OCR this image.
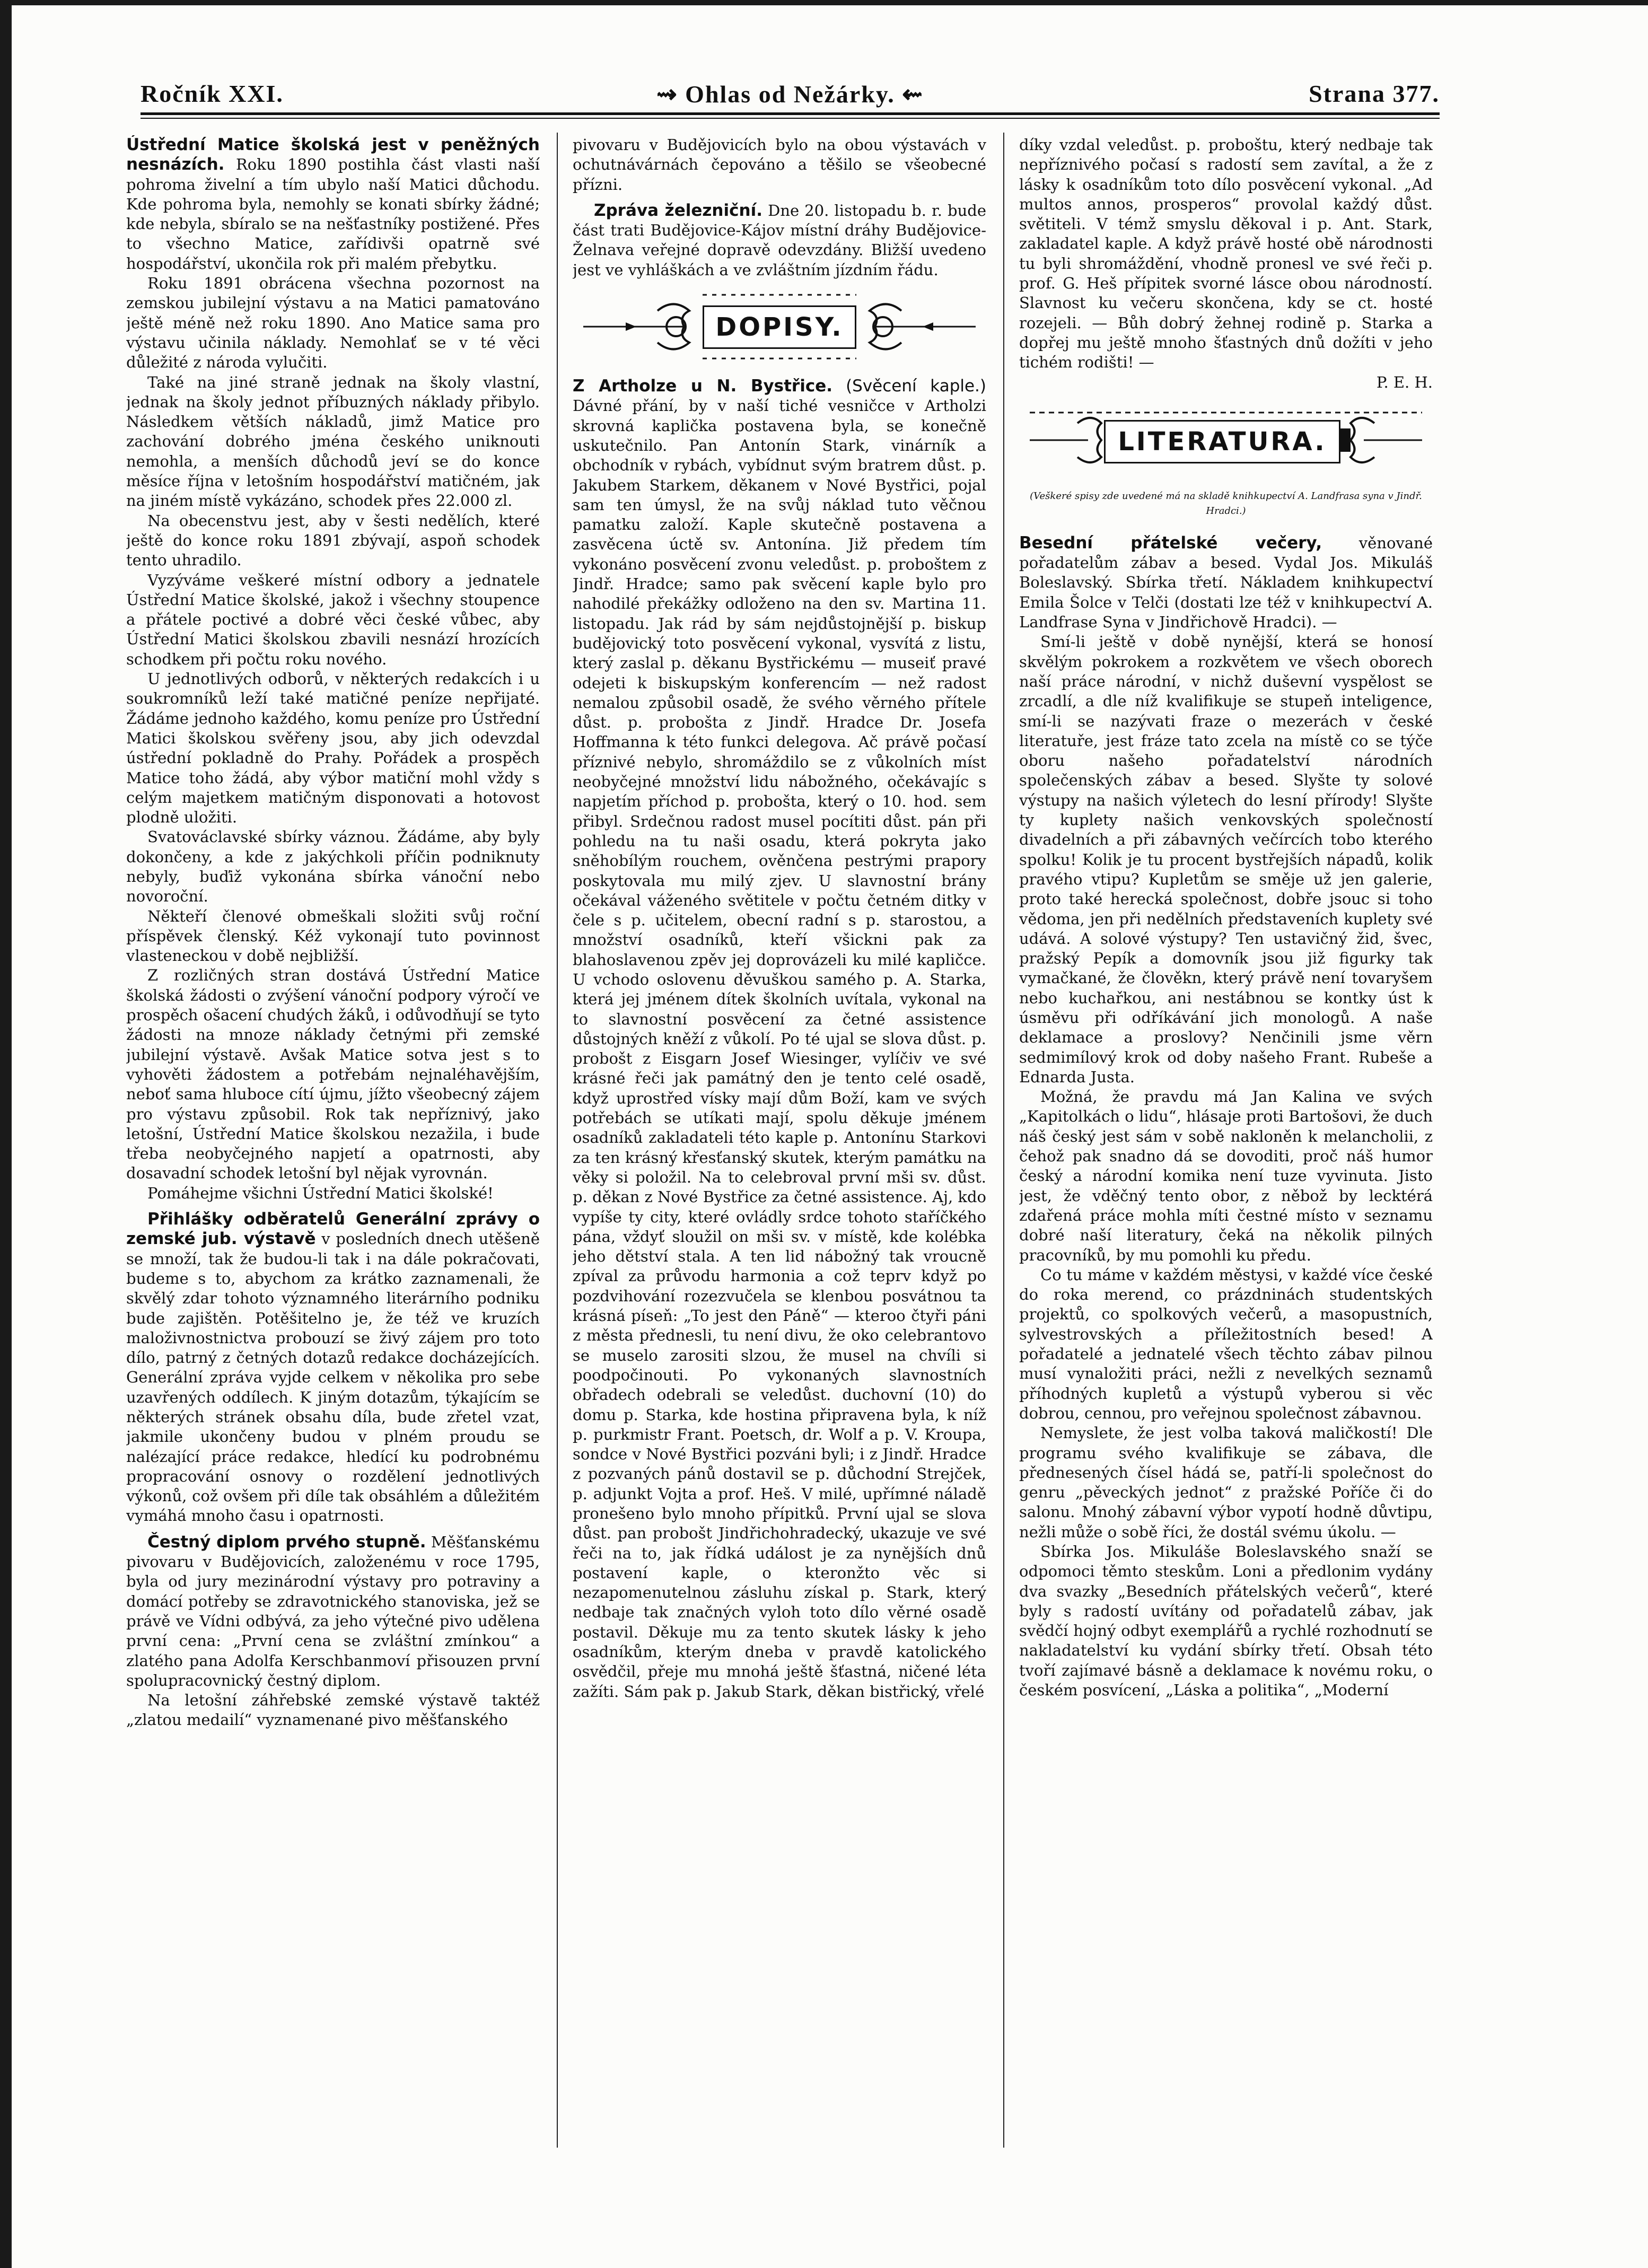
⇝ Ohlas od Nežárky. ⇜
Ročník XXI.	Strana 377.

Ústřední Matice školská jest v peněžných nesnázích. Roku 1890 postihla část vlasti naší pohroma živelní a tím ubylo naší Matici důchodu. Kde pohroma byla, nemohly se konati sbírky žádné; kde nebyla, sbíralo se na nešťastníky postižené. Přes to všechno Matice, zařídivši opatrně své hospodářství, ukončila rok při malém přebytku.

Roku 1891 obrácena všechna pozornost na zemskou jubilejní výstavu a na Matici pamatováno ještě méně než roku 1890. Ano Matice sama pro výstavu učinila náklady. Nemohlať se v té věci důležité z národa vylučiti.

Také na jiné straně jednak na školy vlastní, jednak na školy jednot příbuzných náklady přibylo. Následkem větších nákladů, jimž Matice pro zachování dobrého jména českého uniknouti nemohla, a menších důchodů jeví se do konce měsíce října v letošním hospodářství matičném, jak na jiném místě vykázáno, schodek přes 22.000 zl.

Na obecenstvu jest, aby v šesti nedělích, které ještě do konce roku 1891 zbývají, aspoň schodek tento uhradilo.

Vyzýváme veškeré místní odbory a jednatele Ústřední Matice školské, jakož i všechny stoupence a přátele poctivé a dobré věci české vůbec, aby Ústřední Matici školskou zbavili nesnází hrozících schodkem při počtu roku nového.

U jednotlivých odborů, v některých redakcích i u soukromníků leží také matičné peníze nepřijaté. Žádáme jednoho každého, komu peníze pro Ústřední Matici školskou svěřeny jsou, aby jich odevzdal ústřední pokladně do Prahy. Pořádek a prospěch Matice toho žádá, aby výbor matiční mohl vždy s celým majetkem matičným disponovati a hotovost plodně uložiti.

Svatováclavské sbírky váznou. Žádáme, aby byly dokončeny, a kde z jakýchkoli příčin podniknuty nebyly, buďiž vykonána sbírka vánoční nebo novoroční.

Někteří členové obmeškali složiti svůj roční příspěvek členský. Kéž vykonají tuto povinnost vlasteneckou v době nejbližší.

Z rozličných stran dostává Ústřední Matice školská žádosti o zvýšení vánoční podpory výročí ve prospěch ošacení chudých žáků, i odůvodňují se tyto žádosti na mnoze náklady četnými při zemské jubilejní výstavě. Avšak Matice sotva jest s to vyhověti žádostem a potřebám nejnaléhavějším, neboť sama hluboce cítí újmu, jížto všeobecný zájem pro výstavu způsobil. Rok tak nepříznivý, jako letošní, Ústřední Matice školskou nezažila, i bude třeba neobyčejného napjetí a opatrnosti, aby dosavadní schodek letošní byl nějak vyrovnán.

Pomáhejme všichni Ústřední Matici školské!

Přihlášky odběratelů Generální zprávy o zemské jub. výstavě v posledních dnech utěšeně se množí, tak že budou-li tak i na dále pokračovati, budeme s to, abychom za krátko zaznamenali, že skvělý zdar tohoto významného literárního podniku bude zajištěn. Potěšitelno je, že též ve kruzích maloživnostnictva probouzí se živý zájem pro toto dílo, patrný z četných dotazů redakce docházejících. Generální zpráva vyjde celkem v několika pro sebe uzavřených oddílech. K jiným dotazům, týkajícím se některých stránek obsahu díla, bude zřetel vzat, jakmile ukončeny budou v plném proudu se nalézající práce redakce, hledící ku podrobnému propracování osnovy o rozdělení jednotlivých výkonů, což ovšem při díle tak obsáhlém a důležitém vymáhá mnoho času i opatrnosti.

Čestný diplom prvého stupně. Měšťanskému pivovaru v Budějovicích, založenému v roce 1795, byla od jury mezinárodní výstavy pro potraviny a domácí potřeby se zdravotnického stanoviska, jež se právě ve Vídni odbývá, za jeho výtečné pivo udělena první cena: „První cena se zvláštní zmínkou“ a zlatého pana Adolfa Kerschbanmoví přisouzen první spolupracovnický čestný diplom.

Na letošní záhřebské zemské výstavě taktéž „zlatou medailí“ vyznamenané pivo měšťanského

pivovaru v Budějovicích bylo na obou výstavách v ochutnávárnách čepováno a těšilo se všeobecné přízni.

Zpráva železniční. Dne 20. listopadu b. r. bude část trati Budějovice-Kájov místní dráhy Budějovice-Želnava veřejné dopravě odevzdány. Bližší uvedeno jest ve vyhláškách a ve zvláštním jízdním řádu.

DOPISY.

Z Artholze u N. Bystřice. (Svěcení kaple.) Dávné přání, by v naší tiché vesničce v Artholzi skrovná kaplička postavena byla, se konečně uskutečnilo. Pan Antonín Stark, vinárník a obchodník v rybách, vybídnut svým bratrem důst. p. Jakubem Starkem, děkanem v Nové Bystřici, pojal sam ten úmysl, že na svůj náklad tuto věčnou pamatku založí. Kaple skutečně postavena a zasvěcena úctě sv. Antonína. Již předem tím vykonáno posvěcení zvonu veledůst. p. proboštem z Jindř. Hradce; samo pak svěcení kaple bylo pro nahodilé překážky odloženo na den sv. Martina 11. listopadu. Jak rád by sám nejdůstojnější p. biskup budějovický toto posvěcení vykonal, vysvítá z listu, který zaslal p. děkanu Bystřickému — museiť pravé odejeti k biskupským konferencím — než radost nemalou způsobil osadě, že svého věrného přítele důst. p. probošta z Jindř. Hradce Dr. Josefa Hoffmanna k této funkci delegova. Ač právě počasí příznivé nebylo, shromáždilo se z vůkolních míst neobyčejné množství lidu nábožného, očekávajíc s napjetím příchod p. probošta, který o 10. hod. sem přibyl. Srdečnou radost musel pocítiti důst. pán při pohledu na tu naši osadu, která pokryta jako sněhobílým rouchem, ověnčena pestrými prapory poskytovala mu milý zjev. U slavnostní brány očekával váženého světitele v počtu četném ditky v čele s p. učitelem, obecní radní s p. starostou, a množství osadníků, kteří všickni pak za blahoslavenou zpěv jej doprovázeli ku milé kapličce. U vchodo oslovenu děvuškou samého p. A. Starka, která jej jménem dítek školních uvítala, vykonal na to slavnostní posvěcení za četné assistence důstojných kněží z vůkolí. Po té ujal se slova důst. p. probošt z Eisgarn Josef Wiesinger, vylíčiv ve své krásné řeči jak památný den je tento celé osadě, když uprostřed vísky mají dům Boží, kam ve svých potřebách se utíkati mají, spolu děkuje jménem osadníků zakladateli této kaple p. Antonínu Starkovi za ten krásný křesťanský skutek, kterým památku na věky si položil. Na to celebroval první mši sv. důst. p. děkan z Nové Bystřice za četné assistence. Aj, kdo vypíše ty city, které ovládly srdce tohoto staříčkého pána, vždyť sloužil on mši sv. v místě, kde kolébka jeho dětství stala. A ten lid nábožný tak vroucně zpíval za průvodu harmonia a což teprv když po pozdvihování rozezvučela se klenbou posvátnou ta krásná píseň: „To jest den Páně“ — kteroo čtyři páni z města přednesli, tu není divu, že oko celebrantovo se muselo zarositi slzou, že musel na chvíli si poodpočinouti. Po vykonaných slavnostních obřadech odebrali se veledůst. duchovní (10) do domu p. Starka, kde hostina připravena byla, k níž p. purkmistr Frant. Poetsch, dr. Wolf a p. V. Kroupa, sondce v Nové Bystřici pozváni byli; i z Jindř. Hradce z pozvaných pánů dostavil se p. důchodní Strejček, p. adjunkt Vojta a prof. Heš. V milé, upřímné náladě pronešeno bylo mnoho přípitků. První ujal se slova důst. pan probošt Jindřichohradecký, ukazuje ve své řeči na to, jak řídká událost je za nynějších dnů postavení kaple, o kteronžto věc si nezapomenutelnou zásluhu získal p. Stark, který nedbaje tak značných vyloh toto dílo věrné osadě postavil. Děkuje mu za tento skutek lásky k jeho osadníkům, kterým dneba v pravdě katolického osvědčil, přeje mu mnohá ještě šťastná, ničené léta zažíti. Sám pak p. Jakub Stark, děkan bistřický, vřelé

díky vzdal veledůst. p. proboštu, který nedbaje tak nepříznivého počasí s radostí sem zavítal, a že z lásky k osadníkům toto dílo posvěcení vykonal. „Ad multos annos, prosperos“ provolal každý důst. světiteli. V témž smyslu děkoval i p. Ant. Stark, zakladatel kaple. A když právě hosté obě národnosti tu byli shromáždění, vhodně pronesl ve své řeči p. prof. G. Heš přípitek svorné lásce obou národností. Slavnost ku večeru skončena, kdy se ct. hosté rozejeli. — Bůh dobrý žehnej rodině p. Starka a dopřej mu ještě mnoho šťastných dnů dožíti v jeho tichém rodišti! —

P. E. H.

LITERATURA.
(Veškeré spisy zde uvedené má na skladě knihkupectví A. Landfrasa syna v Jindř. Hradci.)

Besední přátelské večery, věnované pořadatelům zábav a besed. Vydal Jos. Mikuláš Boleslavský. Sbírka třetí. Nákladem knihkupectví Emila Šolce v Telči (dostati lze též v knihkupectví A. Landfrase Syna v Jindřichově Hradci). —

Smí-li ještě v době nynější, která se honosí skvělým pokrokem a rozkvětem ve všech oborech naší práce národní, v nichž duševní vyspělost se zrcadlí, a dle níž kvalifikuje se stupeň inteligence, smí-li se nazývati fraze o mezerách v české literatuře, jest fráze tato zcela na místě co se týče oboru našeho pořadatelství národních společenských zábav a besed. Slyšte ty solové výstupy na našich výletech do lesní přírody! Slyšte ty kuplety našich venkovských společností divadelních a při zábavných večírcích tobo kterého spolku! Kolik je tu procent bystřejších nápadů, kolik pravého vtipu? Kupletům se směje už jen galerie, proto také herecká společnost, dobře jsouc si toho vědoma, jen při nedělních představeních kuplety své udává. A solové výstupy? Ten ustavičný žid, švec, pražský Pepík a domovník jsou již figurky tak vymačkané, že člověkn, který právě není tovaryšem nebo kuchařkou, ani nestábnou se kontky úst k úsměvu při odříkávání jich monologů. A naše deklamace a proslovy? Nenčinili jsme věrn sedmimílový krok od doby našeho Frant. Rubeše a Ednarda Justa.

Možná, že pravdu má Jan Kalina ve svých „Kapitolkách o lidu“, hlásaje proti Bartošovi, že duch náš český jest sám v sobě nakloněn k melancholii, z čehož pak snadno dá se dovoditi, proč náš humor český a národní komika není tuze vyvinuta. Jisto jest, že vděčný tento obor, z něbož by lecktérá zdařená práce mohla míti čestné místo v seznamu dobré naší literatury, čeká na několik pilných pracovníků, by mu pomohli ku předu.

Co tu máme v každém městysi, v každé více české do roka merend, co prázdninách studentských projektů, co spolkových večerů, a masopustních, sylvestrovských a příležitostních besed! A pořadatelé a jednatelé všech těchto zábav pilnou musí vynaložiti práci, nežli z nevelkých seznamů příhodných kupletů a výstupů vyberou si věc dobrou, cennou, pro veřejnou společnost zábavnou.

Nemyslete, že jest volba taková maličkostí! Dle programu svého kvalifikuje se zábava, dle přednesených čísel hádá se, patří-li společnost do genru „pěveckých jednot“ z pražské Poříče či do salonu. Mnohý zábavní výbor vypotí hodně důvtipu, nežli může o sobě říci, že dostál svému úkolu. —

Sbírka Jos. Mikuláše Boleslavského snaží se odpomoci těmto steskům. Loni a předlonim vydány dva svazky „Besedních přátelských večerů“, které byly s radostí uvítány od pořadatelů zábav, jak svědčí hojný odbyt exemplářů a rychlé rozhodnutí se nakladatelství ku vydání sbírky třetí. Obsah této tvoří zajímavé básně a deklamace k novému roku, o českém posvícení, „Láska a politika“, „Moderní
